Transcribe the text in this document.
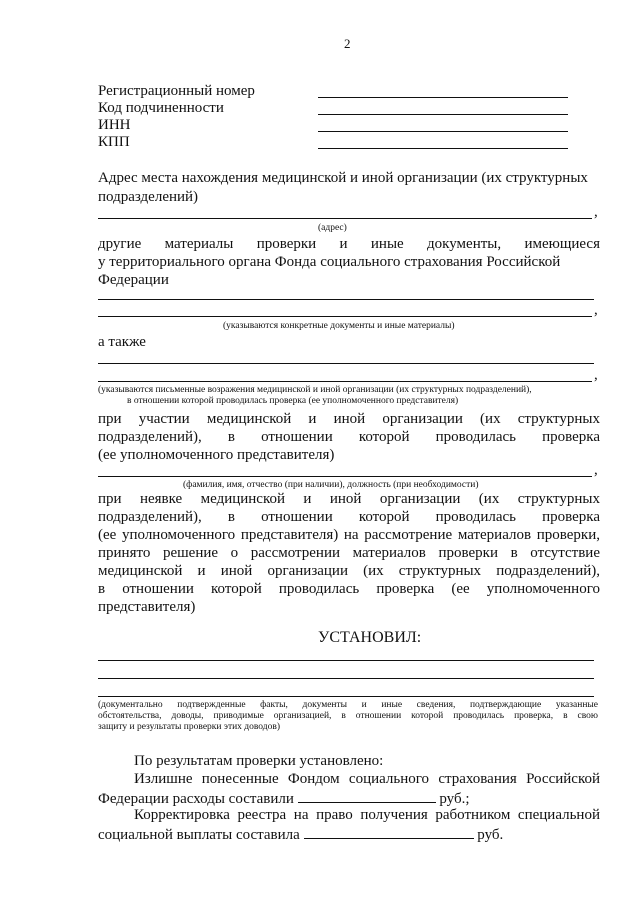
2
Регистрационный номер
Код подчиненности
ИНН
КПП
Адрес места нахождения медицинской и иной организации (их структурных
подразделений)
,
(адрес)
другие материалы проверки и иные документы, имеющиеся
у территориального органа Фонда социального страхования Российской
Федерации
,
(указываются конкретные документы и иные материалы)
а также
,
(указываются письменные возражения медицинской и иной организации (их структурных подразделений),
в отношении которой проводилась проверка (ее уполномоченного представителя)
при участии медицинской и иной организации (их структурных
подразделений), в отношении которой проводилась проверка
(ее уполномоченного представителя)
,
(фамилия, имя, отчество (при наличии), должность (при необходимости)
при неявке медицинской и иной организации (их структурных
подразделений), в отношении которой проводилась проверка
(ее уполномоченного представителя) на рассмотрение материалов проверки,
принято решение о рассмотрении материалов проверки в отсутствие
медицинской и иной организации (их структурных подразделений),
в отношении которой проводилась проверка (ее уполномоченного
представителя)
УСТАНОВИЛ:
(документально подтвержденные факты, документы и иные сведения, подтверждающие указанные
обстоятельства, доводы, приводимые организацией, в отношении которой проводилась проверка, в свою
защиту и результаты проверки этих доводов)
По результатам проверки установлено:
Излишне понесенные Фондом социального страхования Российской
Федерации расходы составили	руб.;
Корректировка реестра на право получения работником специальной
социальной выплаты составила	руб.
